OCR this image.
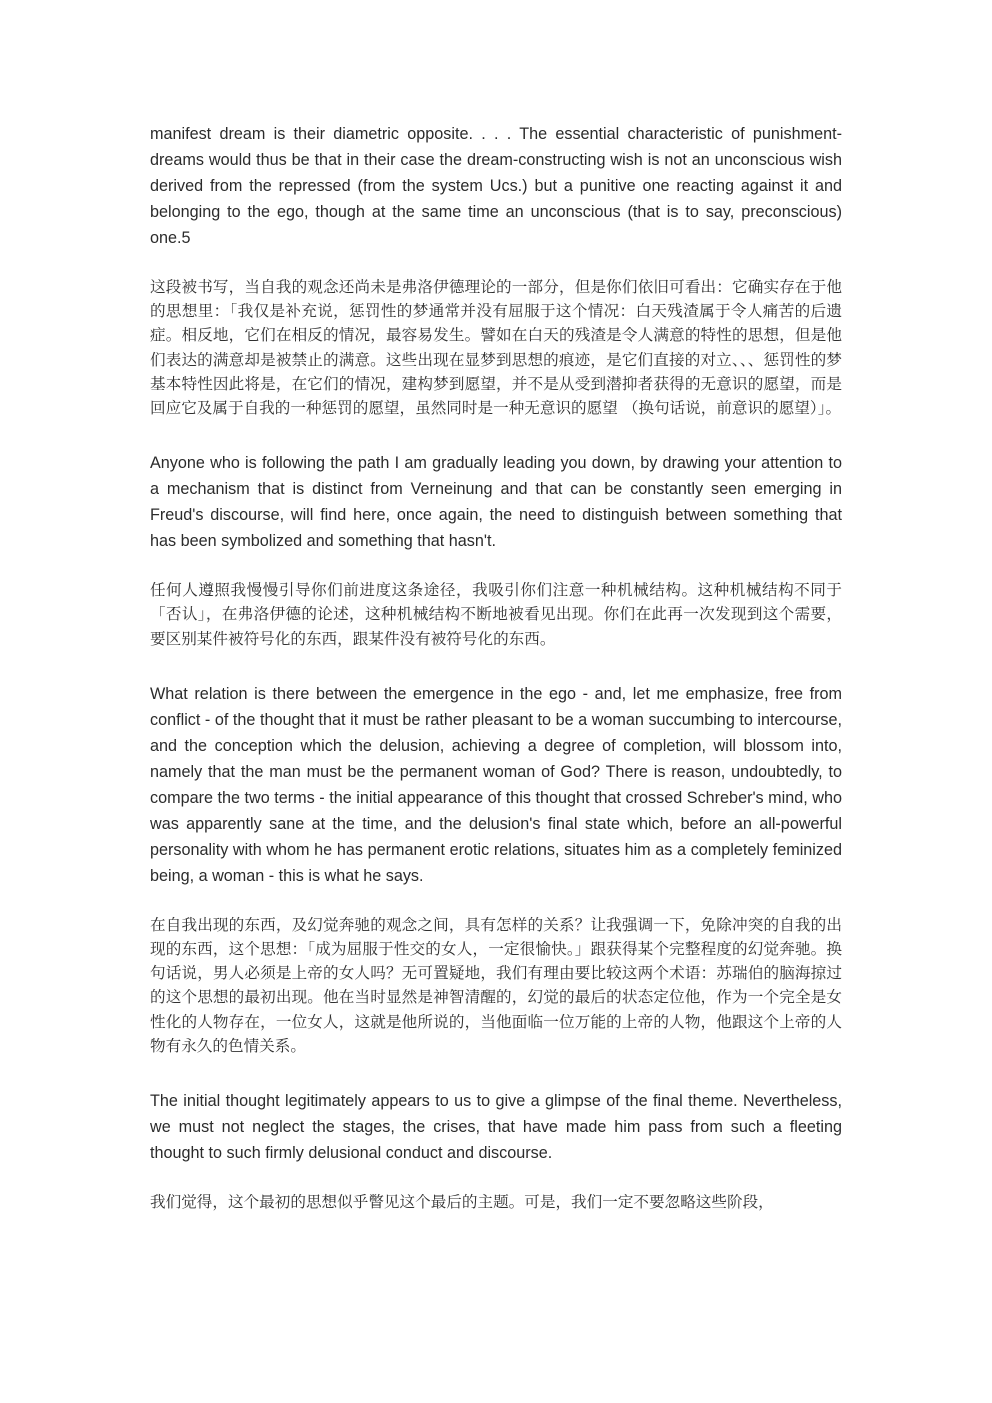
manifest dream is their diametric opposite. . . . The essential characteristic of punishment-dreams would thus be that in their case the dream-constructing wish is not an unconscious wish derived from the repressed (from the system Ucs.) but a punitive one reacting against it and belonging to the ego, though at the same time an unconscious (that is to say, preconscious) one.5

这段被书写，当自我的观念还尚未是弗洛伊德理论的一部分，但是你们依旧可看出：它确实存在于他的思想里：「我仅是补充说，惩罚性的梦通常并没有屈服于这个情况：白天残渣属于令人痛苦的后遗症。相反地，它们在相反的情况，最容易发生。譬如在白天的残渣是令人满意的特性的思想，但是他们表达的满意却是被禁止的满意。这些出现在显梦到思想的痕迹，是它们直接的对立、、、惩罚性的梦基本特性因此将是，在它们的情况，建构梦到愿望，并不是从受到潜抑者获得的无意识的愿望，而是回应它及属于自我的一种惩罚的愿望，虽然同时是一种无意识的愿望 （换句话说，前意识的愿望）」。

Anyone who is following the path I am gradually leading you down, by drawing your attention to a mechanism that is distinct from Verneinung and that can be constantly seen emerging in Freud's discourse, will find here, once again, the need to distinguish between something that has been symbolized and something that hasn't.

任何人遵照我慢慢引导你们前进度这条途径，我吸引你们注意一种机械结构。这种机械结构不同于「否认」，在弗洛伊德的论述，这种机械结构不断地被看见出现。你们在此再一次发现到这个需要，要区别某件被符号化的东西，跟某件没有被符号化的东西。

What relation is there between the emergence in the ego - and, let me emphasize, free from conflict - of the thought that it must be rather pleasant to be a woman succumbing to intercourse, and the conception which the delusion, achieving a degree of completion, will blossom into, namely that the man must be the permanent woman of God? There is reason, undoubtedly, to compare the two terms - the initial appearance of this thought that crossed Schreber's mind, who was apparently sane at the time, and the delusion's final state which, before an all-powerful personality with whom he has permanent erotic relations, situates him as a completely feminized being, a woman - this is what he says.

在自我出现的东西，及幻觉奔驰的观念之间，具有怎样的关系？让我强调一下，免除冲突的自我的出现的东西，这个思想：「成为屈服于性交的女人，一定很愉快。」跟获得某个完整程度的幻觉奔驰。换句话说，男人必须是上帝的女人吗？无可置疑地，我们有理由要比较这两个术语：苏瑞伯的脑海掠过的这个思想的最初出现。他在当时显然是神智清醒的，幻觉的最后的状态定位他，作为一个完全是女性化的人物存在，一位女人，这就是他所说的，当他面临一位万能的上帝的人物，他跟这个上帝的人物有永久的色情关系。

The initial thought legitimately appears to us to give a glimpse of the final theme. Nevertheless, we must not neglect the stages, the crises, that have made him pass from such a fleeting thought to such firmly delusional conduct and discourse.

我们觉得，这个最初的思想似乎瞥见这个最后的主题。可是，我们一定不要忽略这些阶段，
